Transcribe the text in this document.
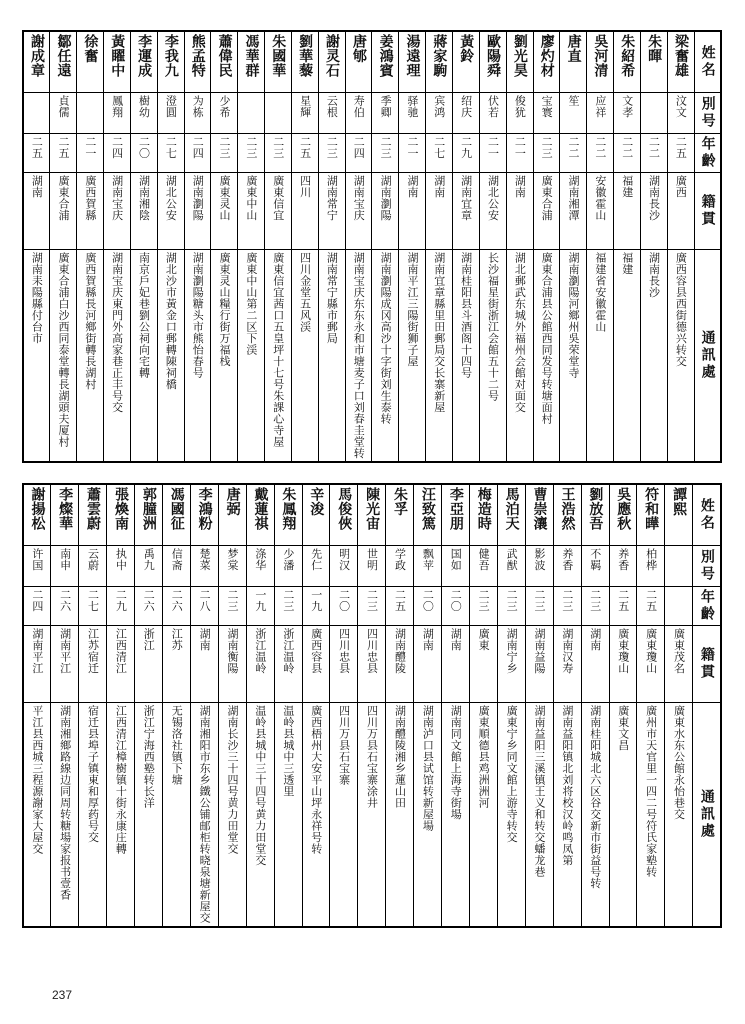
謝成章	鄒任遠	徐奮	黃矅中	李運成	李我九	熊孟特	蕭偉民	馮華群	朱國華	劉華藜	謝灵石	唐郇	姜鴻賓	湯遠理	蔣家駒	黃鈴	歐陽舜	劉光昊	廖灼材	唐直	吳河清	朱紹希	朱暉	梁奮雄	姓名

	貞儒		鳳翔	樹幼	澄圓	为栋	少希			星輝	云根	寿伯	季卿	驿驰	宾鸿	绍庆	伏若	俊犹	宝寰	笙	应祥	文孝		汶文	別号

二五	二五	二一	二四	二〇	二七	二四	二三	二三	二三	二五	二三	二四	二三	二一	二七	二九	二一	二一	二三	二二	二二	二二	二二	二五	年齡

湖南	廣東合浦	廣西賀縣	湖南宝庆	湖南湘陰	湖北公安	湖南瀏陽	廣東灵山	廣東中山	廣東信宜	四川	湖南常宁	湖南宝庆	湖南瀏陽	湖南	湖南	湖南宜章	湖北公安	湖南	廣東合浦	湖南湘潭	安徽霍山	福建	湖南長沙	廣西	籍貫

湖南耒陽縣付台市	廣東合浦白沙西同泰堂轉長湖頭夫厦村	廣西賀縣長河鄉街轉長湖村	湖南宝庆東門外高家巷正丰号交	南京戶妃巷劉公祠向宅轉	湖北沙市黃金口郵轉陳祠橋	湖南瀏陽糖头市熊怡春号	廣東灵山糧行街万福栈	廣東中山第二区下渓	廣東信宜茜口五皇坪十七号朱課心寺屋	四川金堂五风渓	湖南常宁縣市郵局	湖南宝庆东东永和市塘麦子口刘春圭堂转	湖南瀏陽成冈高沙十字街刘生泰转	湖南平江三陽街狮子屋	湖南宜章縣里田郵局交长寨新屋	湖南桂阳县斗酒阁十四号	长沙福星街浙江会館五十二号	湖北郵武东城外福州会館对面交	廣東合浦县公館西同发号转塘面村	湖南瀏陽河鄉州吳荣堂寺	福建省安徽霍山	福建	湖南長沙	廣西容县西街德兴转交	通訊處
謝揚松	李燦華	蕭雲蔚	張煥南	郭朣洲	馮國征	李鴻粉	唐弼	戴蓮祺	朱鳳翔	辛浚	馬俊俠	陳光宙	朱孚	汪致篤	李亞朋	梅造時	馬泊天	曹崇瀼	王浩然	劉放吾	吳應秋	符和曄	譚熙	姓名

许国	南申	云蔚	执中	禹九	信斋	楚菜	梦棠	涤华	少潘	先仁	明汉	世明	学政	飘苹	国如	健吾	武猷	影波	养香	不羁	养香	柏桦		別号

二四	二六	二七	二九	二六	二六	二八	二三	一九	二三	一九	二〇	二三	二五	二〇	二〇	二三	二三	二三	二三	二三	二五	二五		年齡

湖南平江	湖南平江	江苏宿迁	江西清江	浙江	江苏	湖南	湖南衡陽	浙江温岭	浙江温岭	廣西容县	四川忠县	四川忠县	湖南醴陵	湖南	湖南	廣東	湖南宁乡	湖南益陽	湖南汉寿	湖南	廣東瓊山	廣東瓊山	廣東茂名	籍貫

平江县西城三程源謝家大屋交	湖南湘鄉路線边同周转糖場家报书壹香	宿迁县埠子镇東和厚药号交	江西清江樟樹镇十街永康庄轉	浙江宁海西塾转长洋	无锡洛社镇下塘	湖南湘阳市东乡鐵公铺邮柜转晓泉塘新屋交	湖南长沙三十四号黄力田堂交	温岭县城中三十四号黄力田堂交	温岭县城中三透里	廣西梧州大安平山坪永祥号转	四川万县石宝寨	四川万县石宝寨涂井	湖南醴陵湘乡蓮山田	湖南泸口县试馆转新屋場	湖南同文館上海寺街場	廣東順德县鸡洲洲河	廣東宁乡同文館上游寺转交	湖南益阳三溪镇王义和转交蟠龙巷	湖南益阳镇北刘将校汉岭鸣凤第	湖南桂阳城北六区谷交新市街益号转	廣東文昌	廣州市天官里一四二号符氏家塾转	廣東水东公館永怡巷交	通訊處
237
